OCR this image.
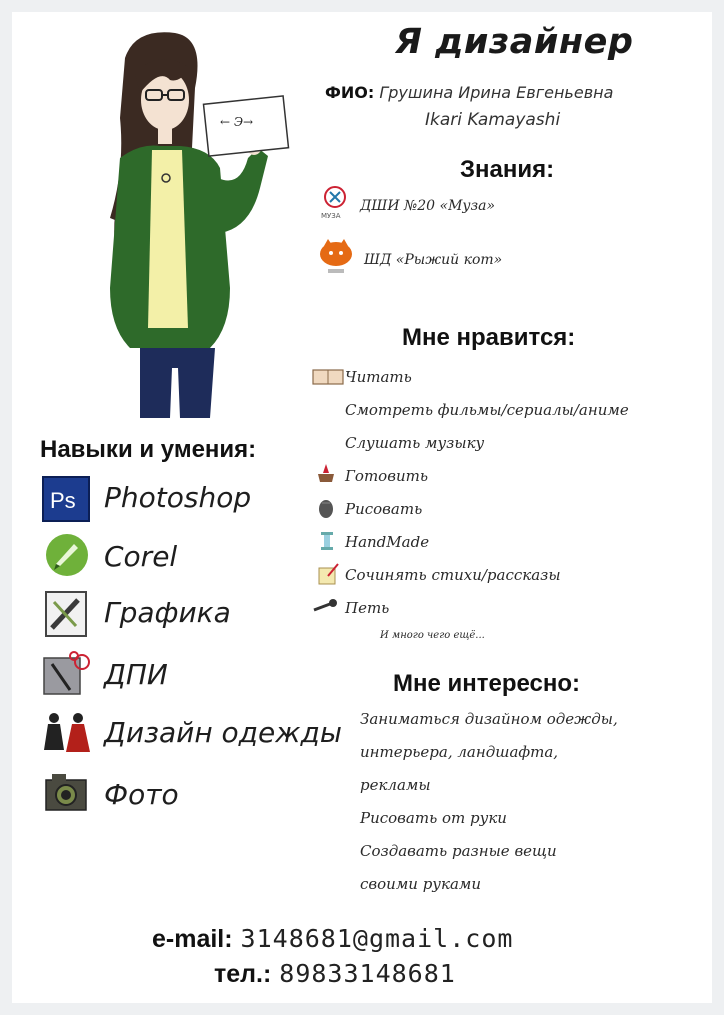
← Э→
Я дизайнер
ФИО: Грушина Ирина Евгеньевна
Ikari Kamayashi
Знания:
МУЗА
ДШИ №20 «Муза»
ШД «Рыжий кот»
Мне нравится:
Читать
Смотреть фильмы/сериалы/аниме
Слушать музыку
Готовить
Рисовать
HandMade
Сочинять стихи/рассказы
Петь
И много чего ещё...
Навыки и умения:
Ps Photoshop
Corel
Графика
ДПИ
Дизайн одежды
Фото
Мне интересно:
Заниматься дизайном одежды,
интерьера, ландшафта,
рекламы
Рисовать от руки
Создавать разные вещи
своими руками
e-mail: 3148681@gmail.com
тел.: 89833148681
